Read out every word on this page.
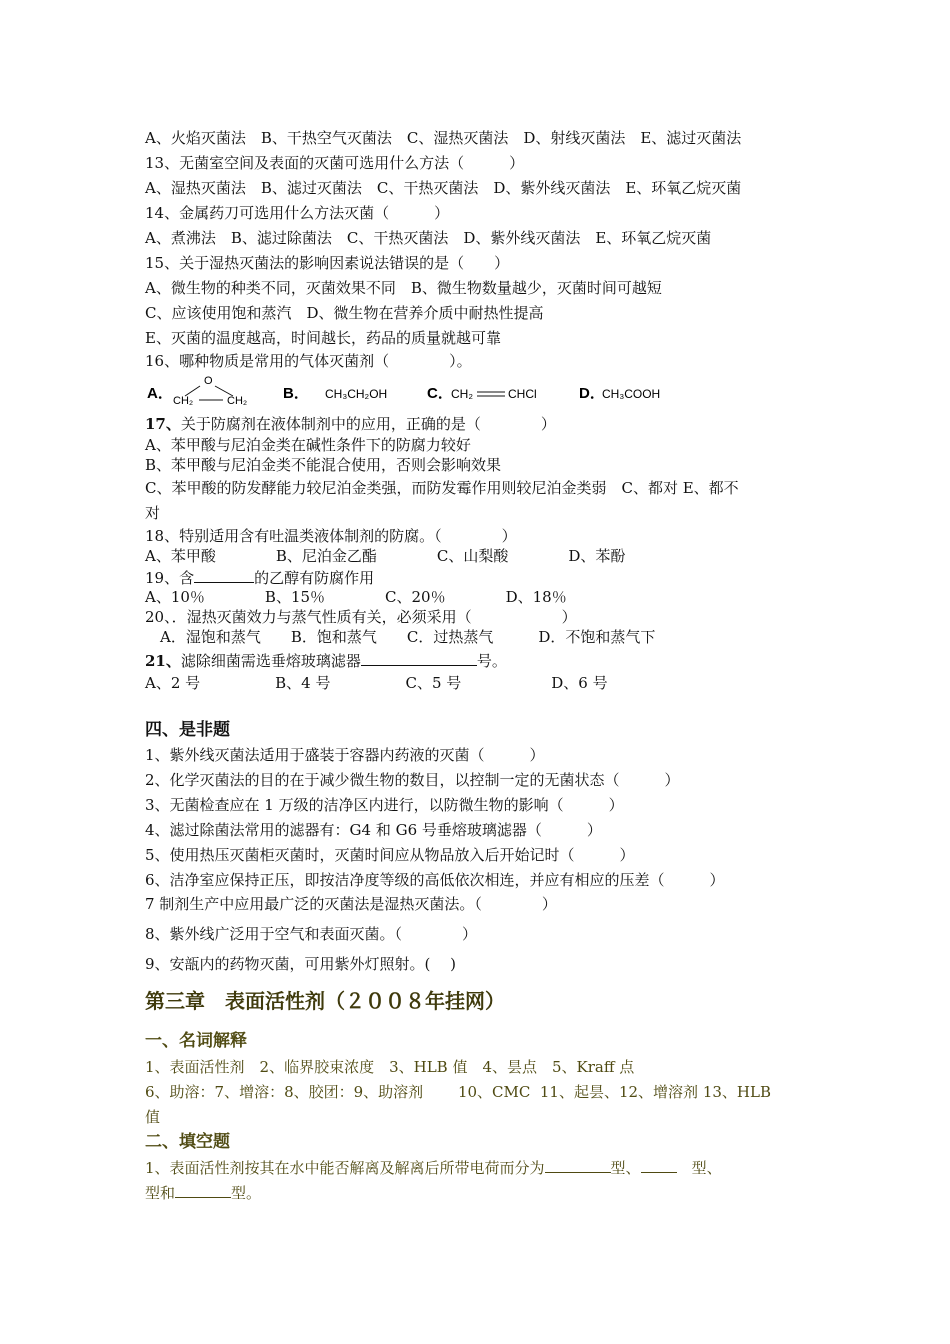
A、火焰灭菌法　B、干热空气灭菌法　C、湿热灭菌法　D、射线灭菌法　E、滤过灭菌法
13、无菌室空间及表面的灭菌可选用什么方法（　　　）
A、湿热灭菌法　B、滤过灭菌法　C、干热灭菌法　D、紫外线灭菌法　E、环氧乙烷灭菌
14、金属药刀可选用什么方法灭菌（　　　）
A、煮沸法　B、滤过除菌法　C、干热灭菌法　D、紫外线灭菌法　E、环氧乙烷灭菌
15、关于湿热灭菌法的影响因素说法错误的是（　　）
A、微生物的种类不同，灭菌效果不同　B、微生物数量越少，灭菌时间可越短
C、应该使用饱和蒸汽　D、微生物在营养介质中耐热性提高
E、灭菌的温度越高，时间越长，药品的质量就越可靠
16、哪种物质是常用的气体灭菌剂（　　　　）。
A．
O
CH₂	CH₂ B． CH₃CH₂OH	C．
CH₂	CHCl	D．
CH₃COOH
17、关于防腐剂在液体制剂中的应用，正确的是（　　　　）
A、苯甲酸与尼泊金类在碱性条件下的防腐力较好
B、苯甲酸与尼泊金类不能混合使用，否则会影响效果
C、苯甲酸的防发酵能力较尼泊金类强，而防发霉作用则较尼泊金类弱　C、都对 E、都不
对
18、特别适用含有吐温类液体制剂的防腐。（　　　　）
A、苯甲酸　　　　B、尼泊金乙酯　　　　C、山梨酸　　　　D、苯酚
19、含	的乙醇有防腐作用
A、10％　　　　B、15％　　　　C、20％　　　　D、18％
20、．湿热灭菌效力与蒸气性质有关，必须采用（　　　　　　）
　A．湿饱和蒸气　　B．饱和蒸气　　C．过热蒸气　　　D．不饱和蒸气下
21、滤除细菌需选垂熔玻璃滤器	号。
A、2 号　　　　　B、4 号　　　　　C、5 号　　　　　　D、6 号
四、是非题
1、紫外线灭菌法适用于盛装于容器内药液的灭菌（　　　）
2、化学灭菌法的目的在于减少微生物的数目，以控制一定的无菌状态（　　　）
3、无菌检查应在 1 万级的洁净区内进行，以防微生物的影响（　　　）
4、滤过除菌法常用的滤器有：G4 和 G6 号垂熔玻璃滤器（　　　）
5、使用热压灭菌柜灭菌时，灭菌时间应从物品放入后开始记时（　　　）
6、洁净室应保持正压，即按洁净度等级的高低依次相连，并应有相应的压差（　　　）
7 制剂生产中应用最广泛的灭菌法是湿热灭菌法。（　　　　）
8、紫外线广泛用于空气和表面灭菌。（　　　　）
9、安瓿内的药物灭菌，可用紫外灯照射。( 　)
第三章　表面活性剂（２００８年挂网）
一、名词解释
1、表面活性剂　2、临界胶束浓度　3、HLB 值　4、昙点　5、Kraff 点
6、助溶：7、增溶：8、胶团：9、助溶剂　　 10、CMC  11、起昙、12、增溶剂 13、HLB
值
二、填空题
1、表面活性剂按其在水中能否解离及解离后所带电荷而分为	型、　型、
型和	型。
